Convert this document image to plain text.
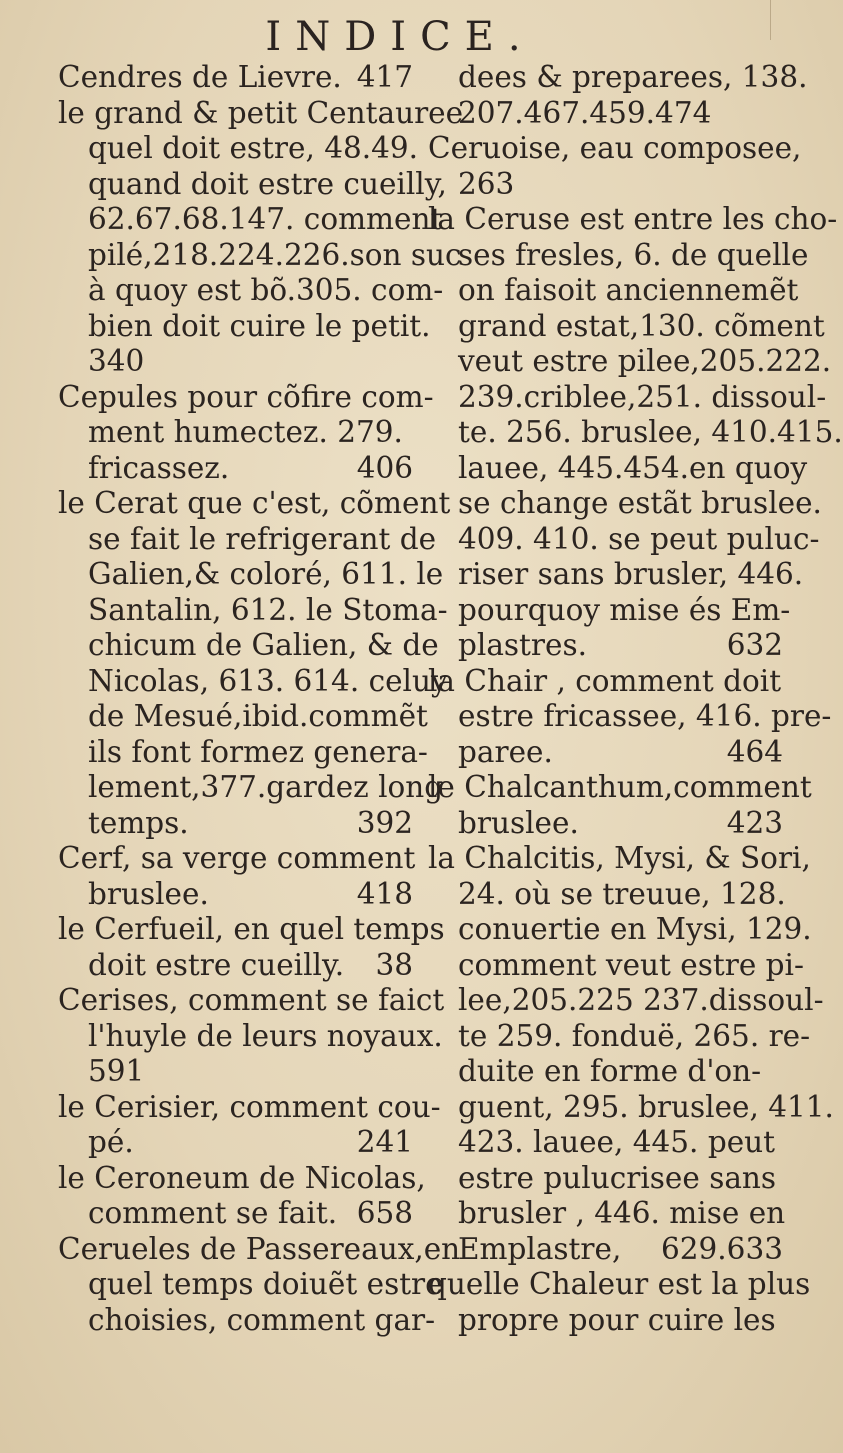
INDICE.
417
Cendres de Lievre.
le grand & petit Centauree
quel doit estre, 48.49.
quand doit estre cueilly,
62.67.68.147. comment
pilé,218.224.226.son suc
à quoy est bõ.305. com-
bien doit cuire le petit.
340
Cepules pour cõfire com-
ment humectez. 279.
406
fricassez.
le Cerat que c'est, cõment
se fait le refrigerant de
Galien,& coloré, 611. le
Santalin, 612. le Stoma-
chicum de Galien, & de
Nicolas, 613. 614. celuy
de Mesué,ibid.commẽt
ils font formez genera-
lement,377.gardez long
392
temps.
Cerf, sa verge comment
418
bruslee.
le Cerfueil, en quel temps
38
doit estre cueilly.
Cerises, comment se faict
l'huyle de leurs noyaux.
591
le Cerisier, comment cou-
241
pé.
le Ceroneum de Nicolas,
658
comment se fait.
Cerueles de Passereaux,en
quel temps doiuẽt estre
choisies, comment gar-
dees & preparees, 138.
207.467.459.474
Ceruoise, eau composee,
263
la Ceruse est entre les cho-
ses fresles, 6. de quelle
on faisoit anciennemẽt
grand estat,130. cõment
veut estre pilee,205.222.
239.criblee,251. dissoul-
te. 256. bruslee, 410.415.
lauee, 445.454.en quoy
se change estãt bruslee.
409. 410. se peut puluc-
riser sans brusler, 446.
pourquoy mise és Em-
632
plastres.
la Chair , comment doit
estre fricassee, 416. pre-
464
paree.
le Chalcanthum,comment
423
bruslee.
la Chalcitis, Mysi, & Sori,
24. où se treuue, 128.
conuertie en Mysi, 129.
comment veut estre pi-
lee,205.225 237.dissoul-
te 259. fonduë, 265. re-
duite en forme d'on-
guent, 295. bruslee, 411.
423. lauee, 445. peut
estre pulucrisee sans
brusler , 446. mise en
629.633
Emplastre,
quelle Chaleur est la plus
propre pour cuire les
